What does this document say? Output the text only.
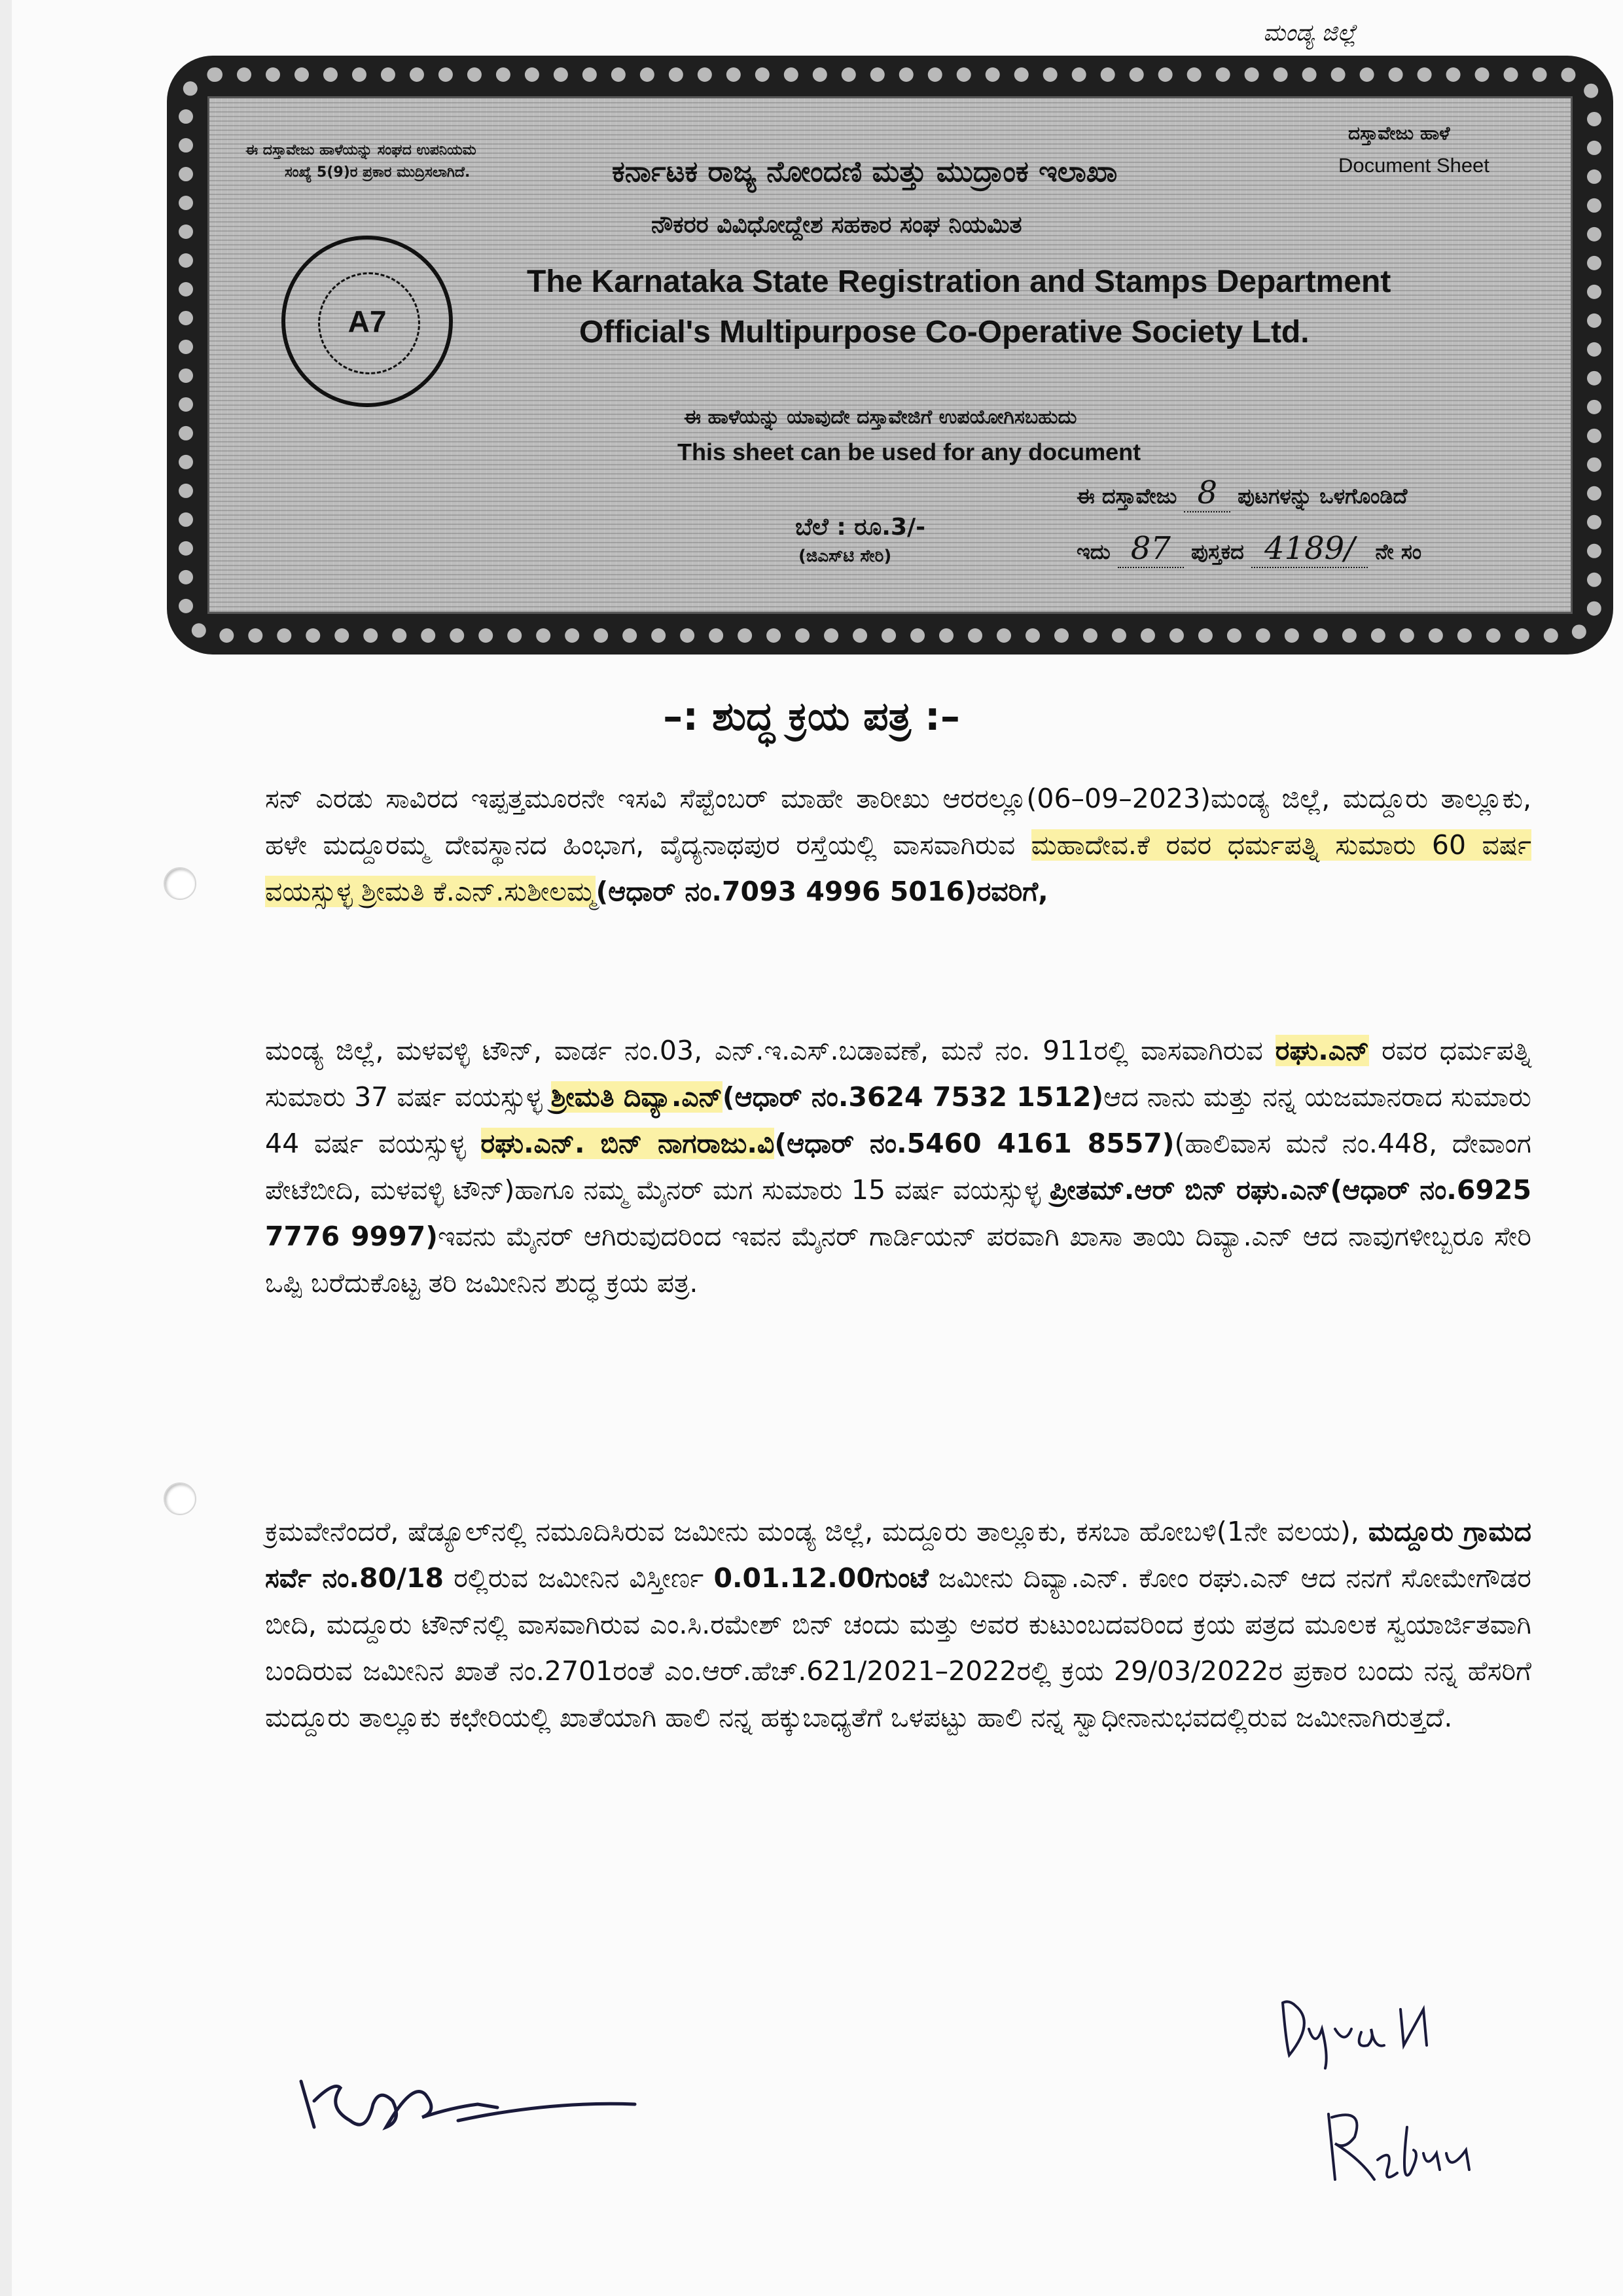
ಈ ದಸ್ತಾವೇಜು ಹಾಳೆಯನ್ನು ಸಂಘದ ಉಪನಿಯಮ
ಸಂಖ್ಯೆ 5(9)ರ ಪ್ರಕಾರ ಮುದ್ರಿಸಲಾಗಿದೆ.	ಕರ್ನಾಟಕ ರಾಜ್ಯ ನೋಂದಣಿ ಮತ್ತು ಮುದ್ರಾಂಕ ಇಲಾಖಾ
ನೌಕರರ ವಿವಿಧೋದ್ದೇಶ ಸಹಕಾರ ಸಂಘ ನಿಯಮಿತ
ದಸ್ತಾವೇಜು ಹಾಳೆ
Document Sheet
The Karnataka State Registration and Stamps Department
Official's Multipurpose Co-Operative Society Ltd.
ಈ ಹಾಳೆಯನ್ನು ಯಾವುದೇ ದಸ್ತಾವೇಜಿಗೆ ಉಪಯೋಗಿಸಬಹುದು
This sheet can be used for any document
ಬೆಲೆ : ರೂ.3/-
(ಜಿಎಸ್‌ಟಿ ಸೇರಿ)
ಈ ದಸ್ತಾವೇಜು 8 ಪುಟಗಳನ್ನು ಒಳಗೊಂಡಿದೆ
ಇದು 87 ಪುಸ್ತಕದ 4189/ ನೇ ಸಂ
A7
ಮಂಡ್ಯ ಜಿಲ್ಲೆ
–: ಶುದ್ಧ ಕ್ರಯ ಪತ್ರ :–
ಸನ್ ಎರಡು ಸಾವಿರದ ಇಪ್ಪತ್ತಮೂರನೇ ಇಸವಿ ಸೆಪ್ಟೆಂಬರ್ ಮಾಹೇ ತಾರೀಖು ಆರರಲ್ಲೂ(06–09–2023)ಮಂಡ್ಯ ಜಿಲ್ಲೆ, ಮದ್ದೂರು ತಾಲ್ಲೂಕು, ಹಳೇ ಮದ್ದೂರಮ್ಮ ದೇವಸ್ಥಾನದ ಹಿಂಭಾಗ, ವೈದ್ಯನಾಥಪುರ ರಸ್ತೆಯಲ್ಲಿ ವಾಸವಾಗಿರುವ ಮಹಾದೇವ.ಕೆ ರವರ ಧರ್ಮಪತ್ನಿ ಸುಮಾರು 60 ವರ್ಷ ವಯಸ್ಸುಳ್ಳ ಶ್ರೀಮತಿ ಕೆ.ಎನ್.ಸುಶೀಲಮ್ಮ(ಆಧಾರ್ ನಂ.7093 4996 5016)ರವರಿಗೆ,
ಮಂಡ್ಯ ಜಿಲ್ಲೆ, ಮಳವಳ್ಳಿ ಟೌನ್, ವಾರ್ಡ ನಂ.03, ಎನ್.ಇ.ಎಸ್.ಬಡಾವಣೆ, ಮನೆ ನಂ. 911ರಲ್ಲಿ ವಾಸವಾಗಿರುವ ರಘು.ಎನ್ ರವರ ಧರ್ಮಪತ್ನಿ ಸುಮಾರು 37 ವರ್ಷ ವಯಸ್ಸುಳ್ಳ ಶ್ರೀಮತಿ ದಿವ್ಯಾ.ಎನ್(ಆಧಾರ್ ನಂ.3624 7532 1512)ಆದ ನಾನು ಮತ್ತು ನನ್ನ ಯಜಮಾನರಾದ ಸುಮಾರು 44 ವರ್ಷ ವಯಸ್ಸುಳ್ಳ ರಘು.ಎನ್. ಬಿನ್ ನಾಗರಾಜು.ವಿ(ಆಧಾರ್ ನಂ.5460 4161 8557)(ಹಾಲಿವಾಸ ಮನೆ ನಂ.448, ದೇವಾಂಗ ಪೇಟೆಬೀದಿ, ಮಳವಳ್ಳಿ ಟೌನ್)ಹಾಗೂ ನಮ್ಮ ಮೈನರ್ ಮಗ ಸುಮಾರು 15 ವರ್ಷ ವಯಸ್ಸುಳ್ಳ ಪ್ರೀತಮ್.ಆರ್ ಬಿನ್ ರಘು.ಎನ್(ಆಧಾರ್ ನಂ.6925 7776 9997)ಇವನು ಮೈನರ್ ಆಗಿರುವುದರಿಂದ ಇವನ ಮೈನರ್ ಗಾರ್ಡಿಯನ್ ಪರವಾಗಿ ಖಾಸಾ ತಾಯಿ ದಿವ್ಯಾ.ಎನ್ ಆದ ನಾವುಗಳೀಬ್ಬರೂ ಸೇರಿ ಒಪ್ಪಿ ಬರೆದುಕೊಟ್ಟ ತರಿ ಜಮೀನಿನ ಶುದ್ಧ ಕ್ರಯ ಪತ್ರ.
ಕ್ರಮವೇನೆಂದರೆ, ಷೆಡ್ಯೂಲ್‌ನಲ್ಲಿ ನಮೂದಿಸಿರುವ ಜಮೀನು ಮಂಡ್ಯ ಜಿಲ್ಲೆ, ಮದ್ದೂರು ತಾಲ್ಲೂಕು, ಕಸಬಾ ಹೋಬಳಿ(1ನೇ ವಲಯ), ಮದ್ದೂರು ಗ್ರಾಮದ ಸರ್ವೆ ನಂ.80/18 ರಲ್ಲಿರುವ ಜಮೀನಿನ ವಿಸ್ತೀರ್ಣ 0.01.12.00ಗುಂಟೆ ಜಮೀನು ದಿವ್ಯಾ.ಎನ್. ಕೋಂ ರಘು.ಎನ್ ಆದ ನನಗೆ ಸೋಮೇಗೌಡರ ಬೀದಿ, ಮದ್ದೂರು ಟೌನ್‌ನಲ್ಲಿ ವಾಸವಾಗಿರುವ ಎಂ.ಸಿ.ರಮೇಶ್ ಬಿನ್ ಚಂದು ಮತ್ತು ಅವರ ಕುಟುಂಬದವರಿಂದ ಕ್ರಯ ಪತ್ರದ ಮೂಲಕ ಸ್ವಯಾರ್ಜಿತವಾಗಿ ಬಂದಿರುವ ಜಮೀನಿನ ಖಾತೆ ನಂ.2701ರಂತೆ ಎಂ.ಆರ್.ಹೆಚ್.621/2021–2022ರಲ್ಲಿ ಕ್ರಯ 29/03/2022ರ ಪ್ರಕಾರ ಬಂದು ನನ್ನ ಹೆಸರಿಗೆ ಮದ್ದೂರು ತಾಲ್ಲೂಕು ಕಛೇರಿಯಲ್ಲಿ ಖಾತೆಯಾಗಿ ಹಾಲಿ ನನ್ನ ಹಕ್ಕುಬಾಧ್ಯತೆಗೆ ಒಳಪಟ್ಟು ಹಾಲಿ ನನ್ನ ಸ್ವಾಧೀನಾನುಭವದಲ್ಲಿರುವ ಜಮೀನಾಗಿರುತ್ತದೆ.
